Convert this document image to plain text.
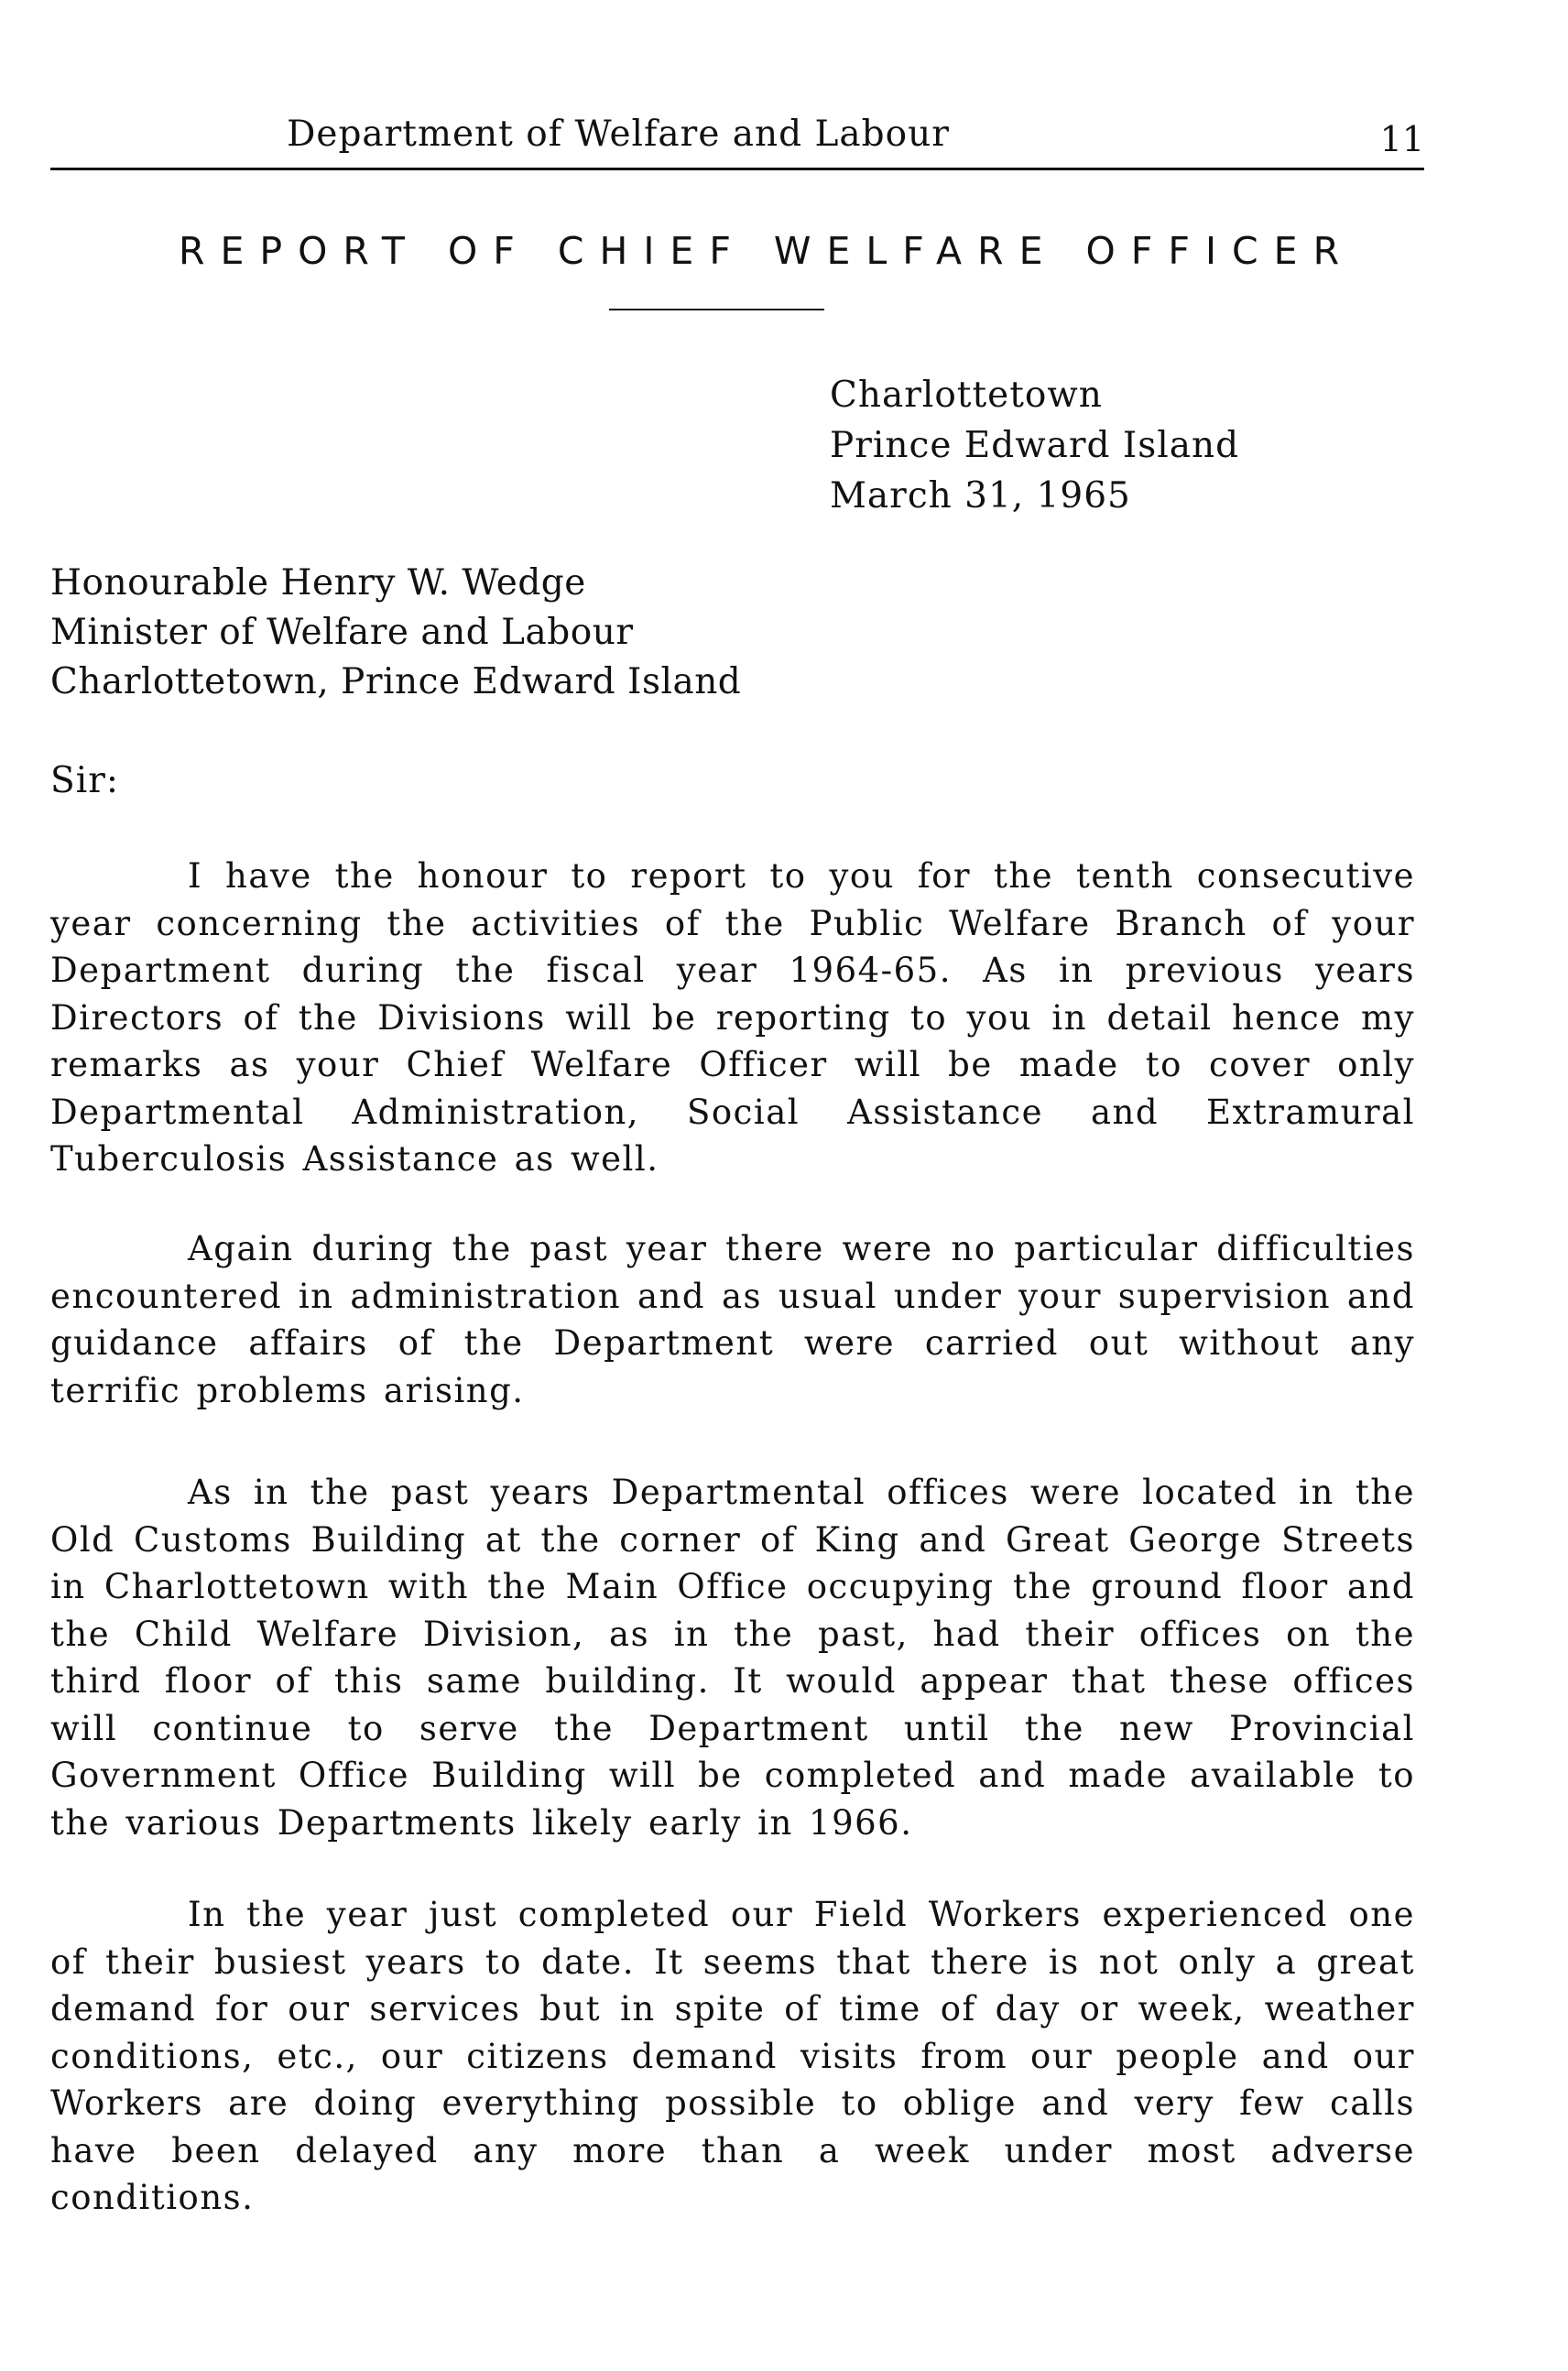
Department of Welfare and Labour	11
REPORT OF CHIEF WELFARE OFFICER
Charlottetown
Prince Edward Island
March 31, 1965
Honourable Henry W. Wedge
Minister of Welfare and Labour
Charlottetown, Prince Edward Island
Sir:

I have the honour to report to you for the tenth consecutive year concerning the activities of the Public Welfare Branch of your Department during the fiscal year 1964-65. As in previous years Directors of the Divisions will be reporting to you in detail hence my remarks as your Chief Welfare Officer will be made to cover only Departmental Administration, Social Assistance and Extramural Tuberculosis Assistance as well.

Again during the past year there were no particular difficulties encountered in administration and as usual under your supervision and guidance affairs of the Department were carried out without any terrific problems arising.

As in the past years Departmental offices were located in the Old Customs Building at the corner of King and Great George Streets in Charlottetown with the Main Office occupying the ground floor and the Child Welfare Division, as in the past, had their offices on the third floor of this same building. It would appear that these offices will continue to serve the Department until the new Provincial Government Office Building will be completed and made available to the various Departments likely early in 1966.

In the year just completed our Field Workers experienced one of their busiest years to date. It seems that there is not only a great demand for our services but in spite of time of day or week, weather conditions, etc., our citizens demand visits from our people and our Workers are doing everything possible to oblige and very few calls have been delayed any more than a week under most adverse conditions.
